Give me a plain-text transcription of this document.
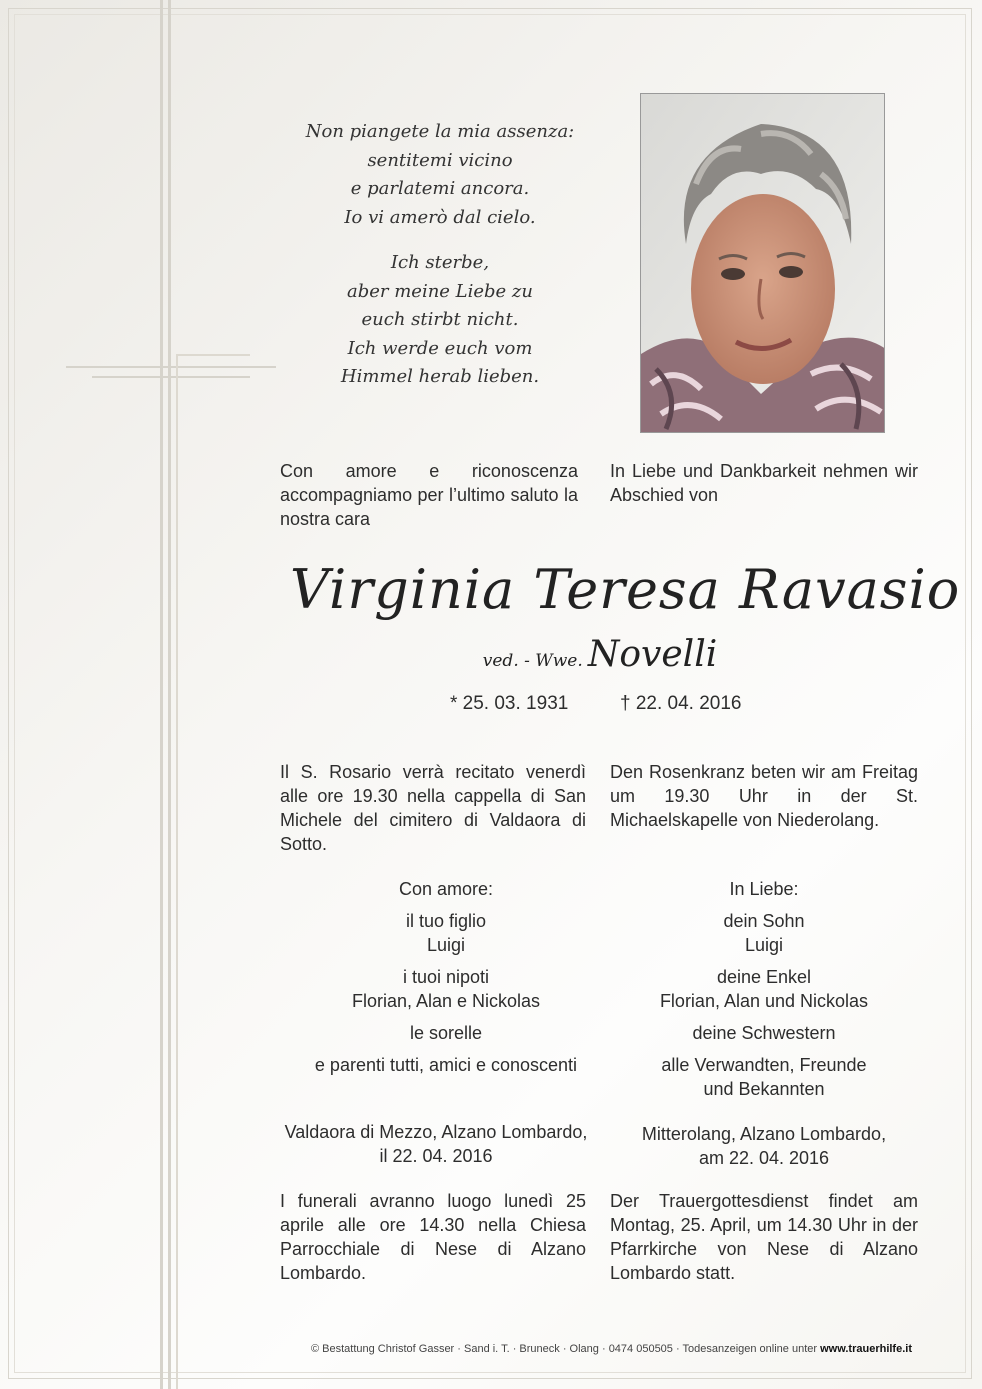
Non piangete la mia assenza:
sentitemi vicino
e parlatemi ancora.
Io vi amerò dal cielo.
Ich sterbe,
aber meine Liebe zu
euch stirbt nicht.
Ich werde euch vom
Himmel herab lieben.
Con amore e riconoscenza accompagniamo per l’ultimo saluto la nostra cara
In Liebe und Dankbarkeit nehmen wir Abschied von
Virginia Teresa Ravasio
ved. - Wwe. Novelli
* 25. 03. 1931	† 22. 04. 2016
Il S. Rosario verrà recitato venerdì alle ore 19.30 nella cappella di San Michele del cimitero di Valdaora di Sotto.
Den Rosenkranz beten wir am Freitag um 19.30 Uhr in der St. Michaelskapelle von Niederolang.
Con amore:
il tuo figlio
Luigi
i tuoi nipoti
Florian, Alan e Nickolas
le sorelle
e parenti tutti, amici e conoscenti
In Liebe:
dein Sohn
Luigi
deine Enkel
Florian, Alan und Nickolas
deine Schwestern
alle Verwandten, Freunde
und Bekannten
Valdaora di Mezzo, Alzano Lombardo,
il 22. 04. 2016
Mitterolang, Alzano Lombardo,
am 22. 04. 2016
I funerali avranno luogo lunedì 25 aprile alle ore 14.30 nella Chiesa Parrocchiale di Nese di Alzano Lombardo.
Der Trauergottesdienst findet am Montag, 25. April, um 14.30 Uhr in der Pfarrkirche von Nese di Alzano Lombardo statt.
© Bestattung Christof Gasser · Sand i. T. · Bruneck · Olang · 0474 050505 · Todesanzeigen online unter www.trauerhilfe.it
